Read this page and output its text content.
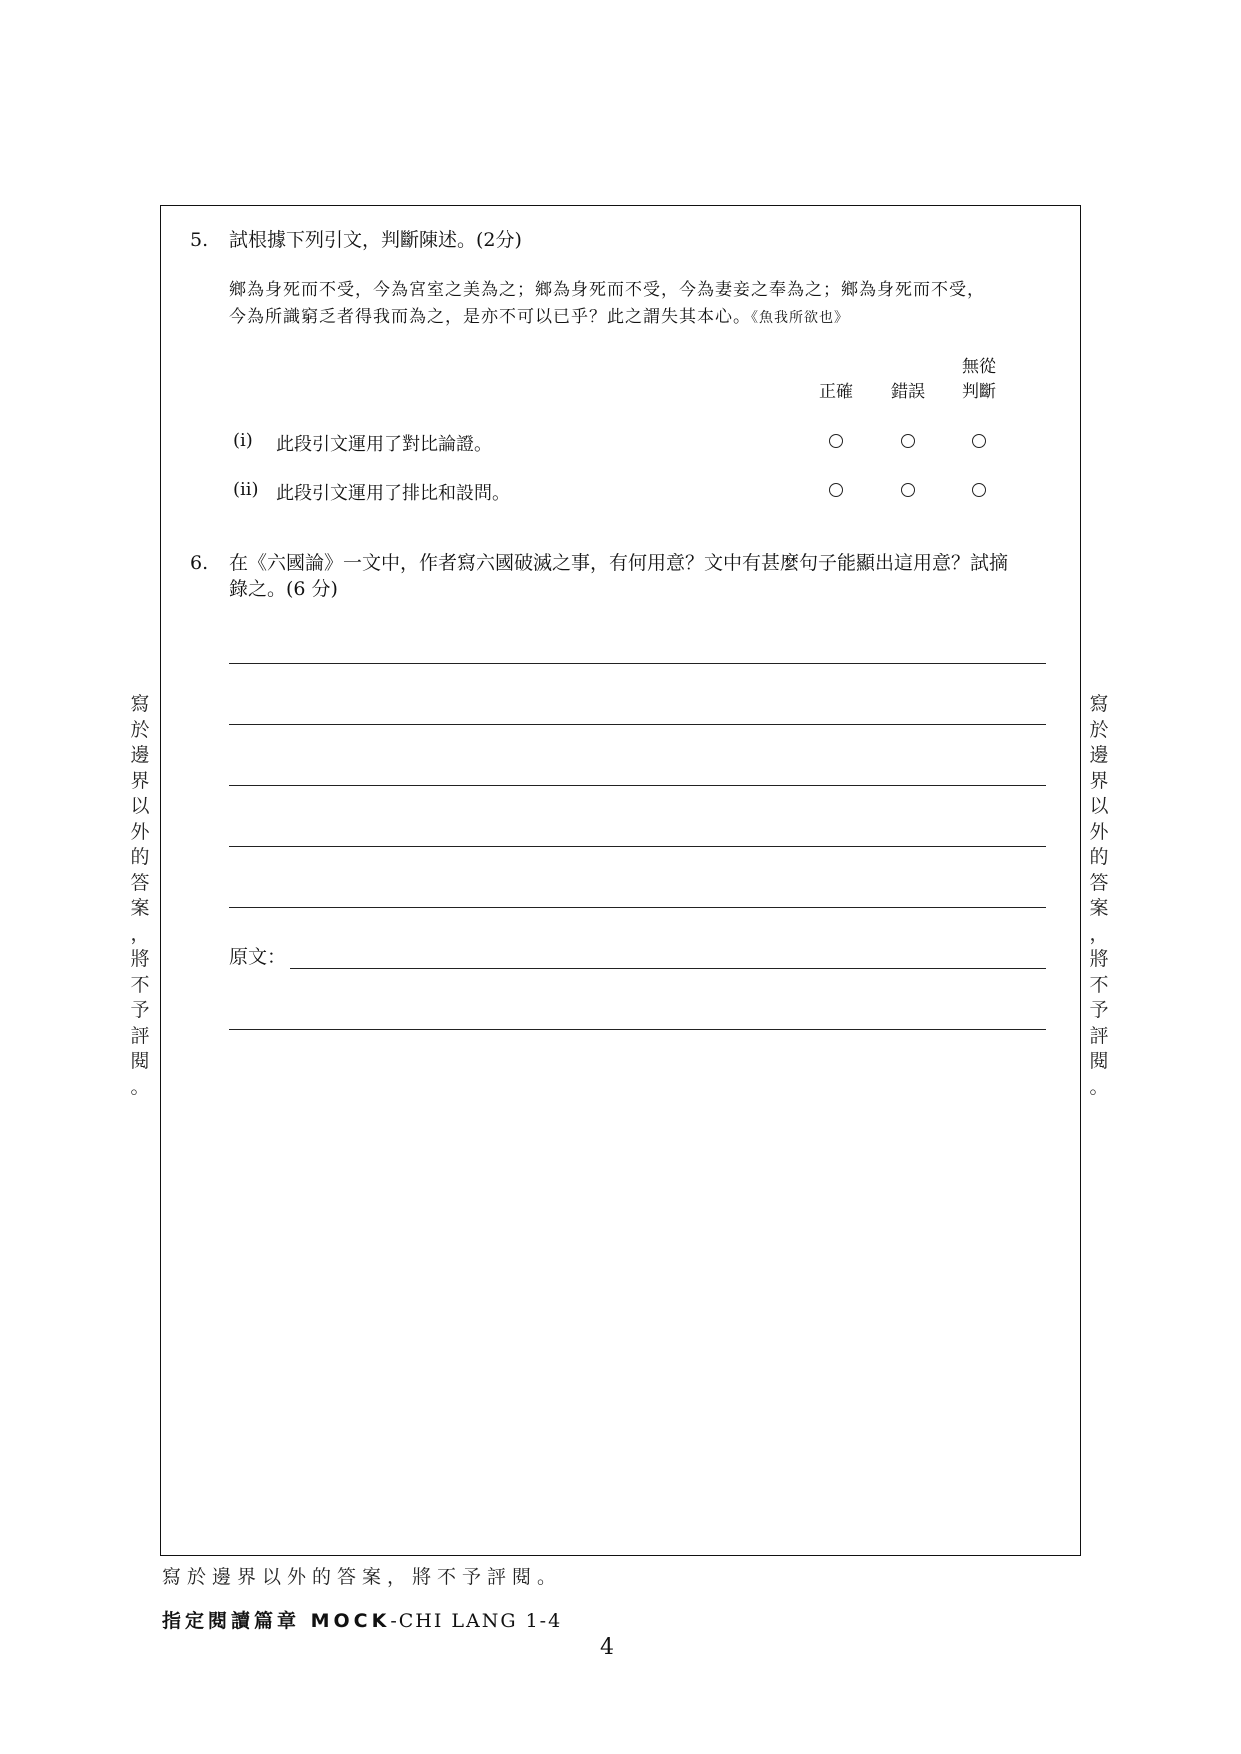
寫
於
邊
界
以
外
的
答
案
，
將
不
予
評
閱
。
寫
於
邊
界
以
外
的
答
案
，
將
不
予
評
閱
。
5. 試根據下列引文，判斷陳述。(2分)
鄉為身死而不受，今為宮室之美為之；鄉為身死而不受，今為妻妾之奉為之；鄉為身死而不受，
今為所識窮乏者得我而為之，是亦不可以已乎？此之謂失其本心。《魚我所欲也》
正確	錯誤
無從
判斷
(i) 此段引文運用了對比論證。
(ii) 此段引文運用了排比和設問。
6. 在《六國論》一文中，作者寫六國破滅之事，有何用意？文中有甚麼句子能顯出這用意？試摘
錄之。(6 分)
原文：
寫於邊界以外的答案，將不予評閱。
指定閱讀篇章 MOCK-CHI LANG 1-4
4
